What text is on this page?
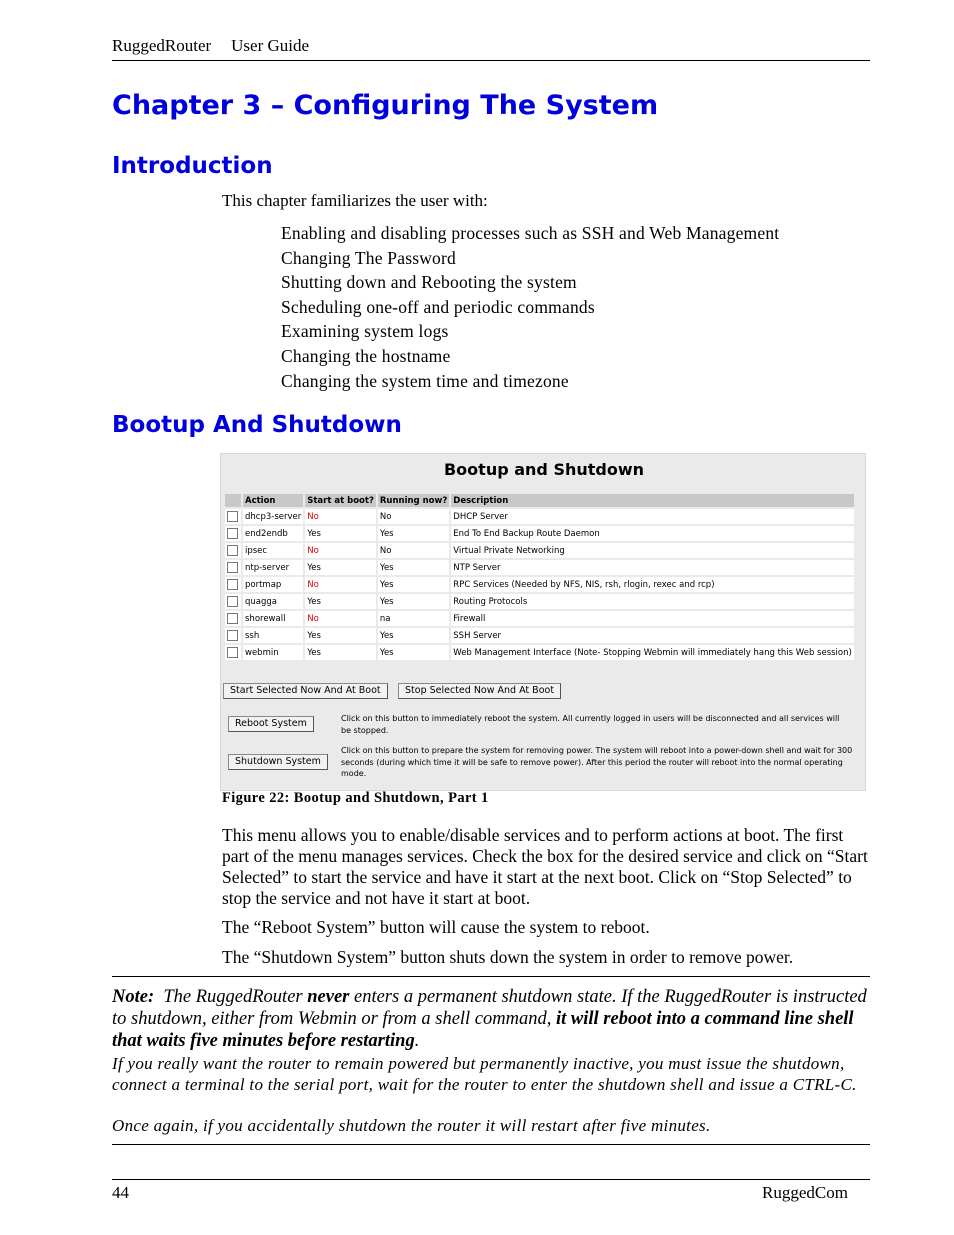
RuggedRouter User Guide
Chapter 3 – Configuring The System
Introduction
This chapter familiarizes the user with:
Enabling and disabling processes such as SSH and Web Management
Changing The Password
Shutting down and Rebooting the system
Scheduling one-off and periodic commands
Examining system logs
Changing the hostname
Changing the system time and timezone
Bootup And Shutdown
Bootup and Shutdown
	Action	Start at boot?	Running now?	Description
	dhcp3-server	No	No	DHCP Server
	end2endb	Yes	Yes	End To End Backup Route Daemon
	ipsec	No	No	Virtual Private Networking
	ntp-server	Yes	Yes	NTP Server
	portmap	No	Yes	RPC Services (Needed by NFS, NIS, rsh, rlogin, rexec and rcp)
	quagga	Yes	Yes	Routing Protocols
	shorewall	No	na	Firewall
	ssh	Yes	Yes	SSH Server
	webmin	Yes	Yes	Web Management Interface (Note- Stopping Webmin will immediately hang this Web session)
Start Selected Now And At Boot	Stop Selected Now And At Boot
Reboot System	Click on this button to immediately reboot the system. All currently logged in users will be disconnected and all services will be stopped.
Shutdown System
Click on this button to prepare the system for removing power. The system will reboot into a power-down shell and wait for 300 seconds (during which time it will be safe to remove power). After this period the router will reboot into the normal operating mode.
Figure 22: Bootup and Shutdown, Part 1
This menu allows you to enable/disable services and to perform actions at boot. The first part of the menu manages services. Check the box for the desired service and click on “Start Selected” to start the service and have it start at the next boot. Click on “Stop Selected” to stop the service and not have it start at boot.
The “Reboot System” button will cause the system to reboot.
The “Shutdown System” button shuts down the system in order to remove power.
Note:  The RuggedRouter never enters a permanent shutdown state. If the RuggedRouter is instructed to shutdown, either from Webmin or from a shell command, it will reboot into a command line shell that waits five minutes before restarting.
If you really want the router to remain powered but permanently inactive, you must issue the shutdown, connect a terminal to the serial port, wait for the router to enter the shutdown shell and issue a CTRL-C.
Once again, if you accidentally shutdown the router it will restart after five minutes.
44	RuggedCom
